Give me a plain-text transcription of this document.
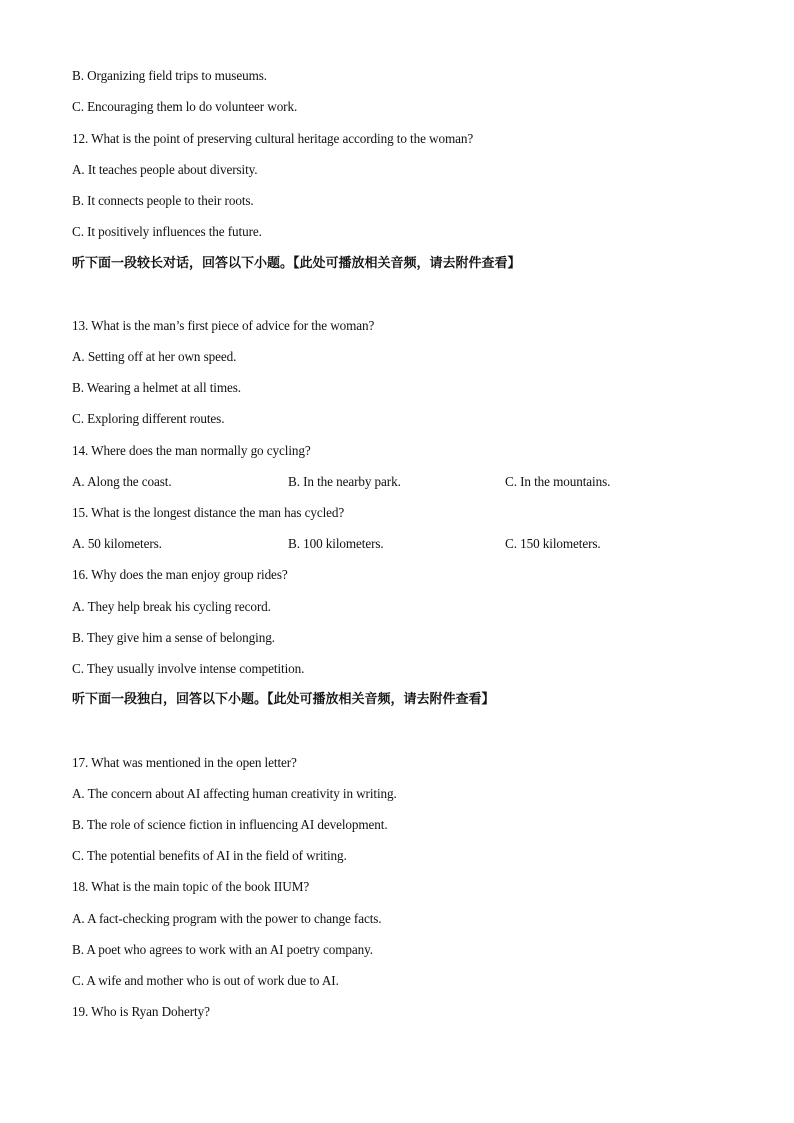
B. Organizing field trips to museums.
C. Encouraging them lo do volunteer work.
12. What is the point of preserving cultural heritage according to the woman?
A. It teaches people about diversity.
B. It connects people to their roots.
C. It positively influences the future.
听下面一段较长对话，回答以下小题。【此处可播放相关音频，请去附件查看】
13. What is the man’s first piece of advice for the woman?
A. Setting off at her own speed.
B. Wearing a helmet at all times.
C. Exploring different routes.
14. Where does the man normally go cycling?
A. Along the coast.	B. In the nearby park.	C. In the mountains.
15. What is the longest distance the man has cycled?
A. 50 kilometers.	B. 100 kilometers.	C. 150 kilometers.
16. Why does the man enjoy group rides?
A. They help break his cycling record.
B. They give him a sense of belonging.
C. They usually involve intense competition.
听下面一段独白，回答以下小题。【此处可播放相关音频，请去附件查看】
17. What was mentioned in the open letter?
A. The concern about AI affecting human creativity in writing.
B. The role of science fiction in influencing AI development.
C. The potential benefits of AI in the field of writing.
18. What is the main topic of the book IIUM?
A. A fact-checking program with the power to change facts.
B. A poet who agrees to work with an AI poetry company.
C. A wife and mother who is out of work due to AI.
19. Who is Ryan Doherty?
